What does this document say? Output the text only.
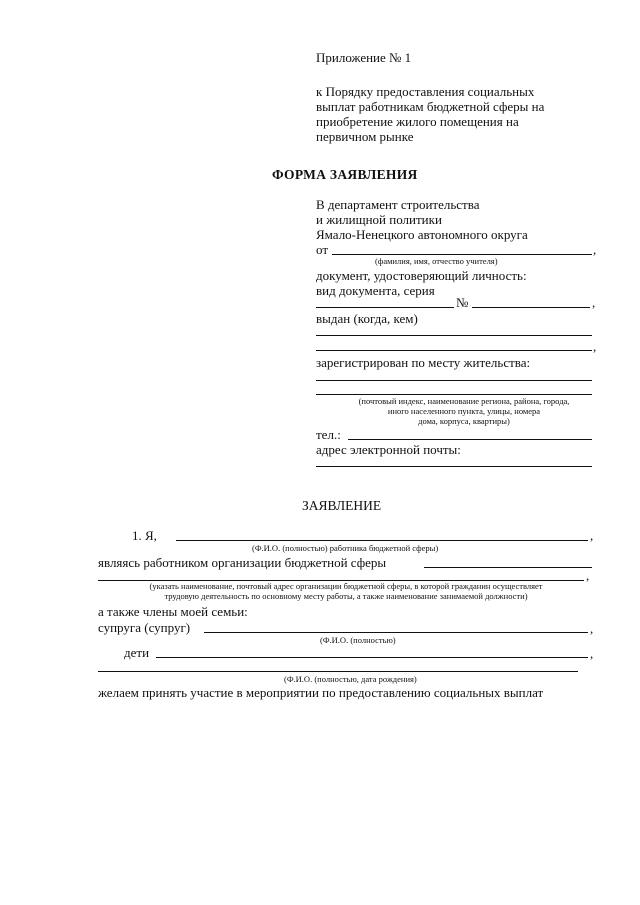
Приложение № 1
к Порядку предоставления социальных
выплат работникам бюджетной сферы на
приобретение жилого помещения на
первичном рынке
ФОРМА ЗАЯВЛЕНИЯ
В департамент строительства
и жилищной политики
Ямало-Ненецкого автономного округа
от	,
(фамилия, имя, отчество учителя)
документ, удостоверяющий личность:
вид документа, серия
№	,
выдан (когда, кем)
,
зарегистрирован по месту жительства:
(почтовый индекс, наименование региона, района, города,
иного населенного пункта, улицы, номера
дома, корпуса, квартиры)
тел.:
адрес электронной почты:
ЗАЯВЛЕНИЕ
1. Я,	,
(Ф.И.О. (полностью) работника бюджетной сферы)
являясь работником организации бюджетной сферы
,
(указать наименование, почтовый адрес организации бюджетной сферы, в которой гражданин осуществляет
трудовую деятельность по основному месту работы, а также наименование занимаемой должности)
а также члены моей семьи:
супруга (супруг)	,
(Ф.И.О. (полностью)
дети	,
(Ф.И.О. (полностью, дата рождения)
желаем принять участие в мероприятии по предоставлению социальных выплат
